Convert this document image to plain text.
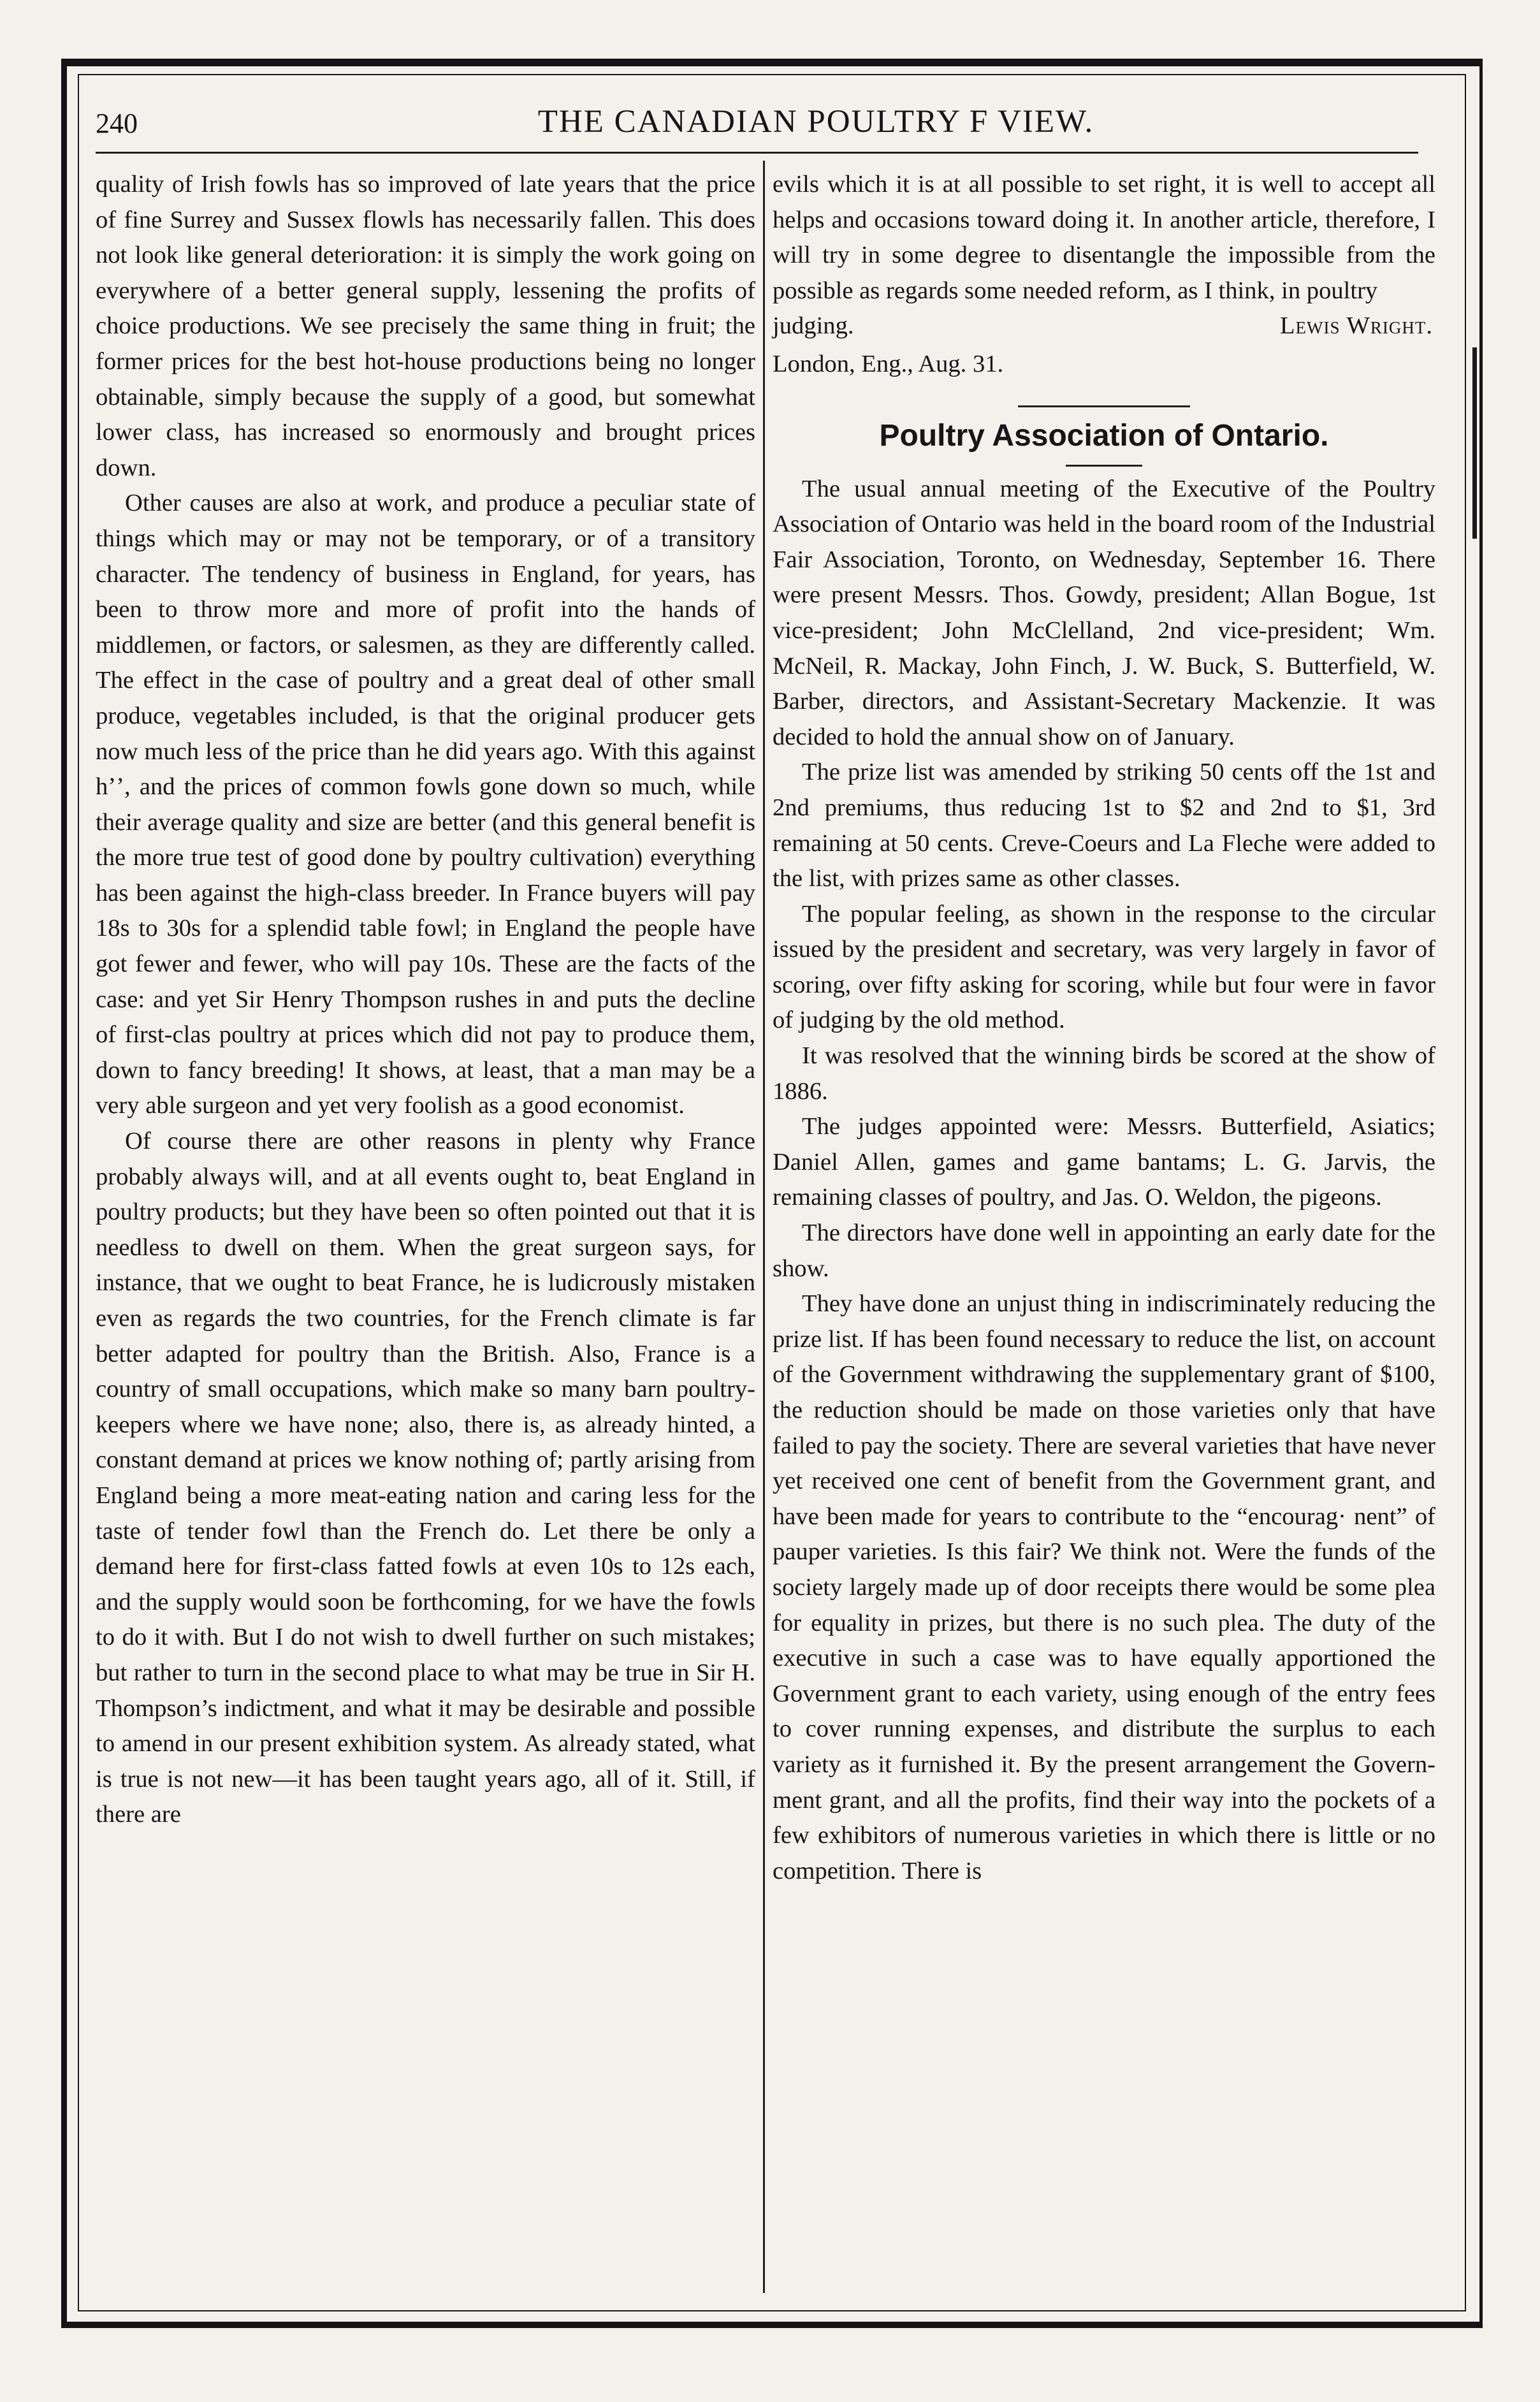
240	THE CANADIAN POULTRY F VIEW.

quality of Irish fowls has so improved of late years that the price of fine Surrey and Sussex flowls has necessarily fallen. This does not look like general deterioration: it is simply the work going on everywhere of a better general supply, lessening the profits of choice productions. We see precisely the same thing in fruit; the former prices for the best hot-house productions being no longer obtainable, simply because the supply of a good, but somewhat lower class, has increased so enormously and brought prices down.

Other causes are also at work, and produce a peculiar state of things which may or may not be temporary, or of a transitory character. The tendency of business in England, for years, has been to throw more and more of profit into the hands of middlemen, or factors, or salesmen, as they are differently called. The effect in the case of poultry and a great deal of other small produce, vegetables included, is that the original producer gets now much less of the price than he did years ago. With this against hʼʼ, and the prices of common fowls gone down so much, while their average quality and size are better (and this general benefit is the more true test of good done by poultry cultivation) everything has been against the high-class breeder. In France buyers will pay 18s to 30s for a splendid table fowl; in England the people have got fewer and fewer, who will pay 10s. These are the facts of the case: and yet Sir Henry Thompson rushes in and puts the decline of first-clas poultry at prices which did not pay to produce them, down to fancy breeding! It shows, at least, that a man may be a very able surgeon and yet very foolish as a good economist.

Of course there are other reasons in plenty why France probably always will, and at all events ought to, beat England in poultry products; but they have been so often pointed out that it is needless to dwell on them. When the great surgeon says, for instance, that we ought to beat France, he is ludicrously mistaken even as regards the two countries, for the French climate is far better adapted for poultry than the British. Also, France is a country of small occupations, which make so many barn poultry-keepers where we have none; also, there is, as already hinted, a constant demand at prices we know nothing of; partly arising from England being a more meat-eating nation and caring less for the taste of tender fowl than the French do. Let there be only a demand here for first-class fatted fowls at even 10s to 12s each, and the supply would soon be forthcoming, for we have the fowls to do it with. But I do not wish to dwell further on such mistakes; but rather to turn in the second place to what may be true in Sir H. Thompson’s indictment, and what it may be desirable and possible to amend in our present exhibition system. As already stated, what is true is not new—it has been taught years ago, all of it. Still, if there are

evils which it is at all possible to set right, it is well to accept all helps and occasions toward doing it. In another article, therefore, I will try in some degree to disentangle the impossible from the possible as regards some needed reform, as I think, in poultry

judging.	Lewis Wright.

London, Eng., Aug. 31.

Poultry Association of Ontario.

The usual annual meeting of the Executive of the Poultry Association of Ontario was held in the board room of the Industrial Fair Association, Toronto, on Wednesday, September 16. There were present Messrs. Thos. Gowdy, president; Allan Bogue, 1st vice-president; John McClelland, 2nd vice-president; Wm. McNeil, R. Mackay, John Finch, J. W. Buck, S. Butterfield, W. Barber, directors, and Assistant-Secretary Mackenzie. It was decided to hold the annual show on of January.

The prize list was amended by striking 50 cents off the 1st and 2nd premiums, thus reducing 1st to $2 and 2nd to $1, 3rd remaining at 50 cents. Creve-Coeurs and La Fleche were added to the list, with prizes same as other classes.

The popular feeling, as shown in the response to the circular issued by the president and secretary, was very largely in favor of scoring, over fifty asking for scoring, while but four were in favor of judging by the old method.

It was resolved that the winning birds be scored at the show of 1886.

The judges appointed were: Messrs. Butterfield, Asiatics; Daniel Allen, games and game bantams; L. G. Jarvis, the remaining classes of poultry, and Jas. O. Weldon, the pigeons.

The directors have done well in appointing an early date for the show.

They have done an unjust thing in indiscriminately reducing the prize list. If has been found necessary to reduce the list, on account of the Government withdrawing the supplementary grant of $100, the reduction should be made on those varieties only that have failed to pay the society. There are several varieties that have never yet received one cent of benefit from the Government grant, and have been made for years to contribute to the “encourag· nent” of pauper varieties. Is this fair? We think not. Were the funds of the society largely made up of door receipts there would be some plea for equality in prizes, but there is no such plea. The duty of the executive in such a case was to have equally apportioned the Government grant to each variety, using enough of the entry fees to cover running expenses, and distribute the surplus to each variety as it furnished it. By the present arrangement the Government grant, and all the profits, find their way into the pockets of a few exhibitors of numerous varieties in which there is little or no competition. There is
